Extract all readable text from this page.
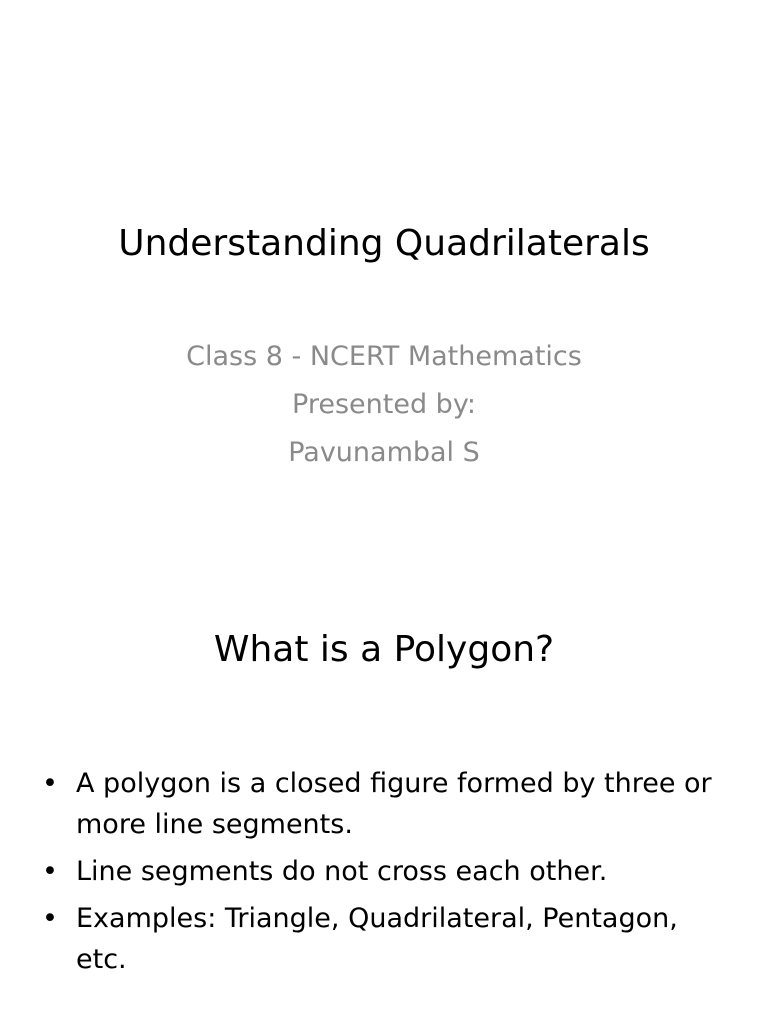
Understanding Quadrilaterals
Class 8 - NCERT Mathematics
Presented by:
Pavunambal S
What is a Polygon?
• A polygon is a closed figure formed by three or more line segments.
• Line segments do not cross each other.
• Examples: Triangle, Quadrilateral, Pentagon, etc.
